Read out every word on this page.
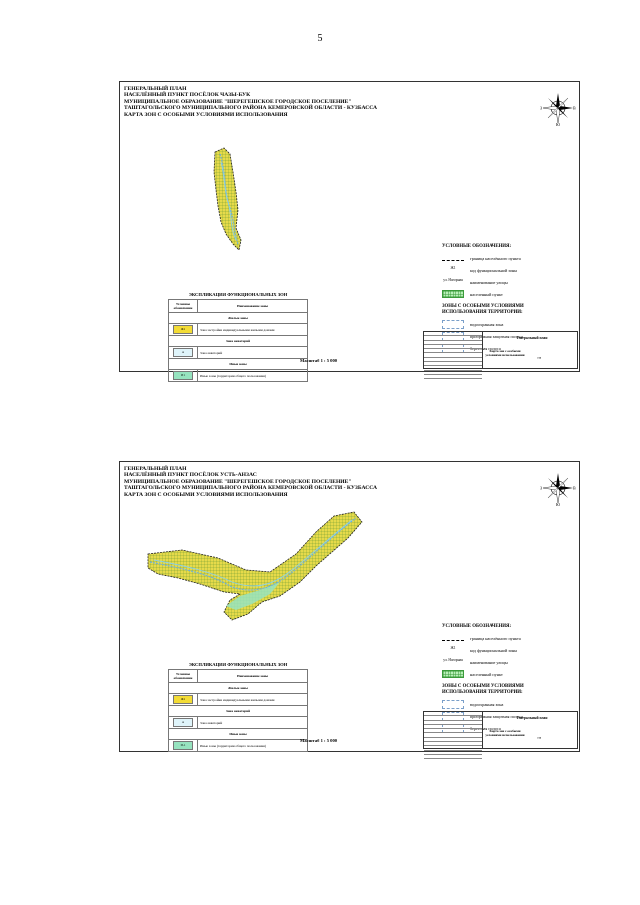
5
ГЕНЕРАЛЬНЫЙ ПЛАН
НАСЕЛЁННЫЙ ПУНКТ ПОСЁЛОК ЧАЗЫ-БУК
МУНИЦИПАЛЬНОЕ ОБРАЗОВАНИЕ "ШЕРЕГЕШСКОЕ ГОРОДСКОЕ ПОСЕЛЕНИЕ"
ТАШТАГОЛЬСКОГО МУНИЦИПАЛЬНОГО РАЙОНА КЕМЕРОВСКОЙ ОБЛАСТИ - КУЗБАССА
КАРТА ЗОН С ОСОБЫМИ УСЛОВИЯМИ ИСПОЛЬЗОВАНИЯ
З	В
Ю
УСЛОВНЫЕ ОБОЗНАЧЕНИЯ:
граница населённого пункта
Ж1	код функциональной зоны
ул. Нагорная наименование улицы
населенный пункт
ЗОНЫ С ОСОБЫМИ УСЛОВИЯМИ ИСПОЛЬЗОВАНИЯ ТЕРРИТОРИИ:
водоохранная зона
прибрежная защитная полоса
береговая полоса
ЭКСПЛИКАЦИЯ ФУНКЦИОНАЛЬНЫХ ЗОН
Условное обозначение	Наименование зоны
Жилые зоны	
Ж1	Зона застройки индивидуальными жилыми домами
Зона акваторий	
А	Зона акваторий
Иные зоны	
И1	Иные зоны (территории общего пользования)
Генеральный план
Карта зон с особыми условиями использования
7/8
Масштаб 1 : 5 000
ГЕНЕРАЛЬНЫЙ ПЛАН
НАСЕЛЁННЫЙ ПУНКТ ПОСЁЛОК УСТЬ-АНЗАС
МУНИЦИПАЛЬНОЕ ОБРАЗОВАНИЕ "ШЕРЕГЕШСКОЕ ГОРОДСКОЕ ПОСЕЛЕНИЕ"
ТАШТАГОЛЬСКОГО МУНИЦИПАЛЬНОГО РАЙОНА КЕМЕРОВСКОЙ ОБЛАСТИ - КУЗБАССА
КАРТА ЗОН С ОСОБЫМИ УСЛОВИЯМИ ИСПОЛЬЗОВАНИЯ
З	В
Ю
УСЛОВНЫЕ ОБОЗНАЧЕНИЯ:
граница населённого пункта
Ж1	код функциональной зоны
ул. Нагорная наименование улицы
населенный пункт
ЗОНЫ С ОСОБЫМИ УСЛОВИЯМИ ИСПОЛЬЗОВАНИЯ ТЕРРИТОРИИ:
водоохранная зона
прибрежная защитная полоса
береговая полоса
ЭКСПЛИКАЦИЯ ФУНКЦИОНАЛЬНЫХ ЗОН
Условное обозначение	Наименование зоны
Жилые зоны	
Ж1	Зона застройки индивидуальными жилыми домами
Зона акваторий	
А	Зона акваторий
Иные зоны	
И-1	Иные зоны (территории общего пользования)
Генеральный план
Карта зон с особыми условиями использования
7/8
Масштаб 1 : 5 000
